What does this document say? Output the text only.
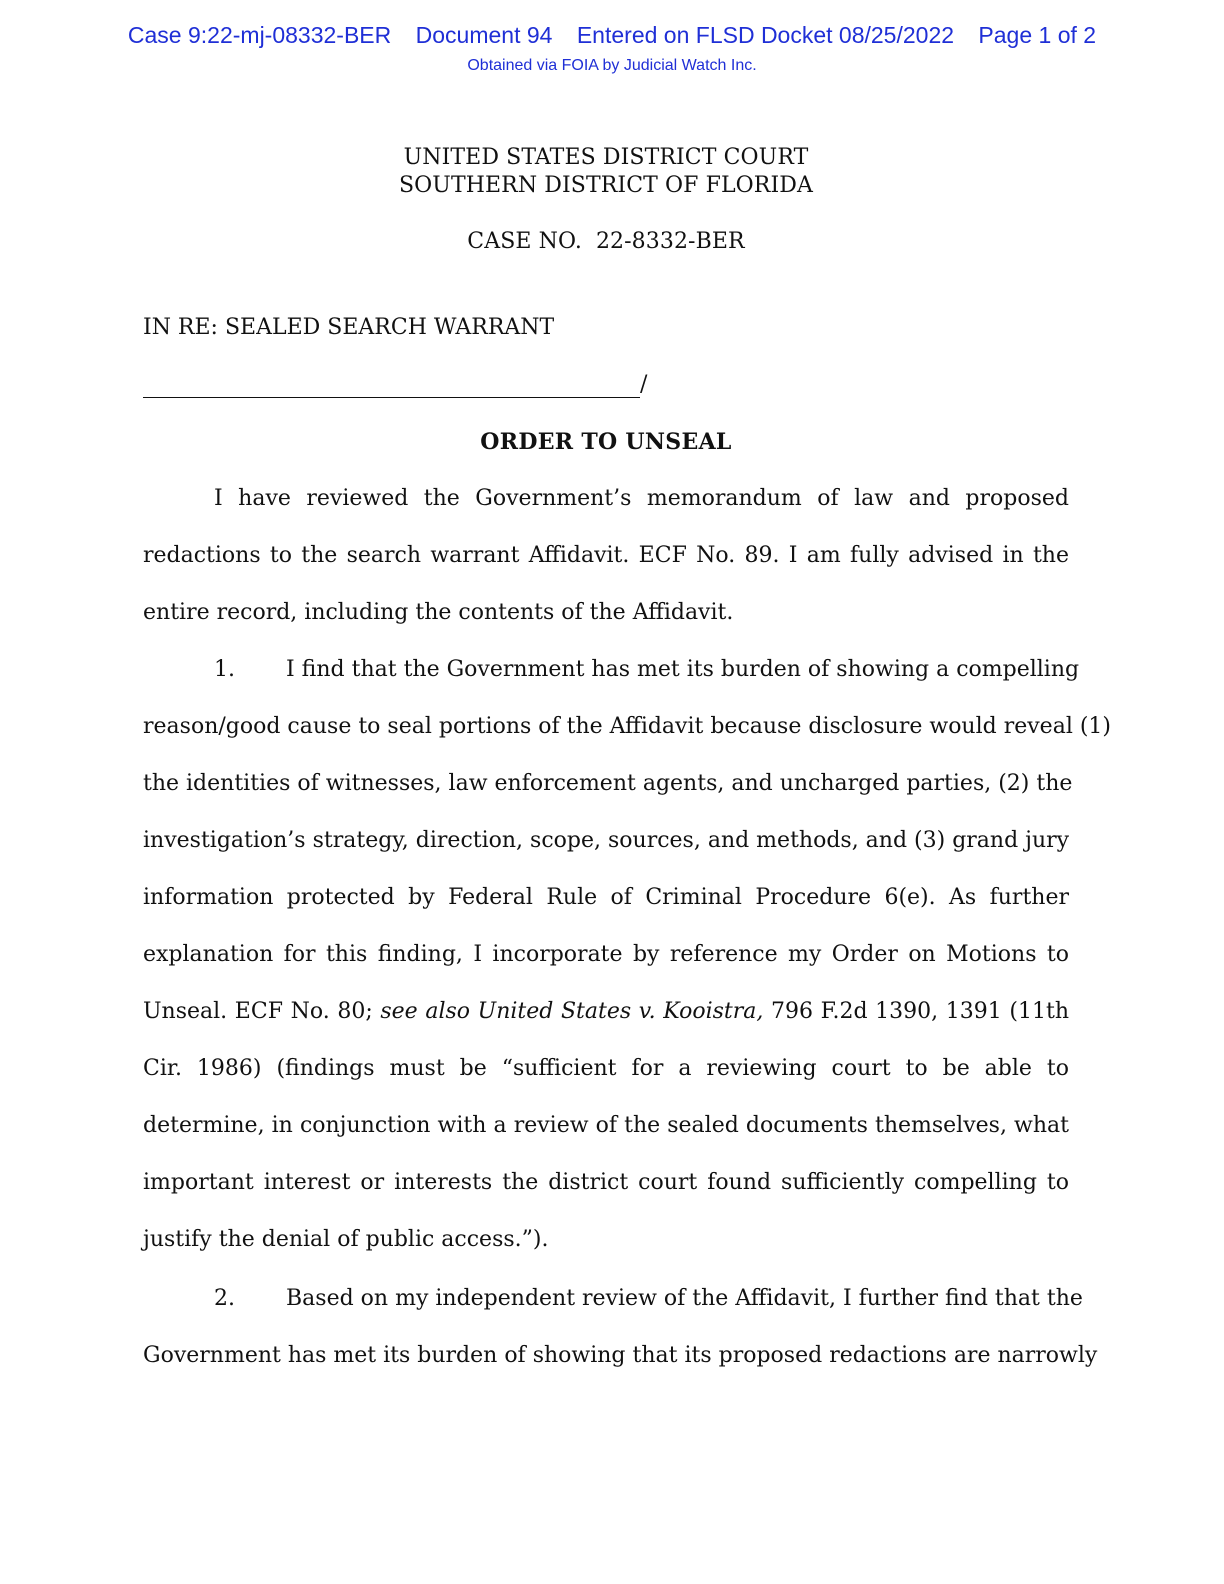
Case 9:22-mj-08332-BER Document 94 Entered on FLSD Docket 08/25/2022 Page 1 of 2
Obtained via FOIA by Judicial Watch Inc.
UNITED STATES DISTRICT COURT
SOUTHERN DISTRICT OF FLORIDA
CASE NO. 22-8332-BER
IN RE: SEALED SEARCH WARRANT
/
ORDER TO UNSEAL
I have reviewed the Government’s memorandum of law and proposed
redactions to the search warrant Affidavit. ECF No. 89. I am fully advised in the
entire record, including the contents of the Affidavit.
1. I find that the Government has met its burden of showing a compelling
reason/good cause to seal portions of the Affidavit because disclosure would reveal (1)
the identities of witnesses, law enforcement agents, and uncharged parties, (2) the
investigation’s strategy, direction, scope, sources, and methods, and (3) grand jury
information protected by Federal Rule of Criminal Procedure 6(e). As further
explanation for this finding, I incorporate by reference my Order on Motions to
Unseal. ECF No. 80; see also United States v. Kooistra, 796 F.2d 1390, 1391 (11th
Cir. 1986) (findings must be “sufficient for a reviewing court to be able to
determine, in conjunction with a review of the sealed documents themselves, what
important interest or interests the district court found sufficiently compelling to
justify the denial of public access.”).
2. Based on my independent review of the Affidavit, I further find that the
Government has met its burden of showing that its proposed redactions are narrowly
